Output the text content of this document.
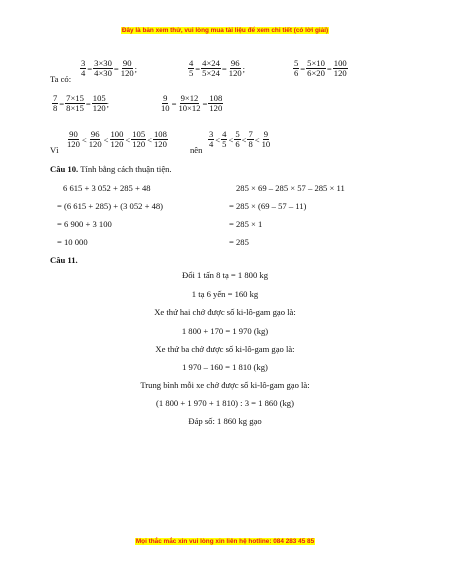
Đây là bản xem thử, vui lòng mua tài liệu để xem chi tiết (có lời giải)
Ta có:
$\frac{3}{4} = \frac{3\times 30}{4\times 30} = \frac{90}{120}$ ;	$\frac{4}{5} = \frac{4\times 24}{5\times 24} = \frac{96}{120}$ ;	$\frac{5}{6} = \frac{5\times 10}{6\times 20} = \frac{100}{120}$
$\frac{7}{8} = \frac{7\times 15}{8\times 15} = \frac{105}{120}$ ;	$\frac{9}{10} = \frac{9\times 12}{10\times 12} = \frac{108}{120}$
Vì
$\frac{90}{120} < \frac{96}{120} < \frac{100}{120} < \frac{105}{120} < \frac{108}{120}$
nên
$\frac{3}{4} < \frac{4}{5} < \frac{5}{6} < \frac{7}{8} < \frac{9}{10}$
Câu 10. Tính bằng cách thuận tiện.
6 615 + 3 052 + 285 + 48
= (6 615 + 285) + (3 052 + 48)
= 6 900 + 3 100
= 10 000
285 × 69 – 285 × 57 – 285 × 11
= 285 × (69 – 57 – 11)
= 285 × 1
= 285
Câu 11.
Đổi 1 tấn 8 tạ = 1 800 kg
1 tạ 6 yến = 160 kg
Xe thứ hai chở được số ki-lô-gam gạo là:
1 800 + 170 = 1 970 (kg)
Xe thứ ba chở được số ki-lô-gam gạo là:
1 970 – 160 = 1 810 (kg)
Trung bình mỗi xe chở được số ki-lô-gam gạo là:
(1 800 + 1 970 + 1 810) : 3 = 1 860 (kg)
Đáp số: 1 860 kg gạo
Mọi thắc mắc xin vui lòng xin liên hệ hotline: 084 283 45 85
